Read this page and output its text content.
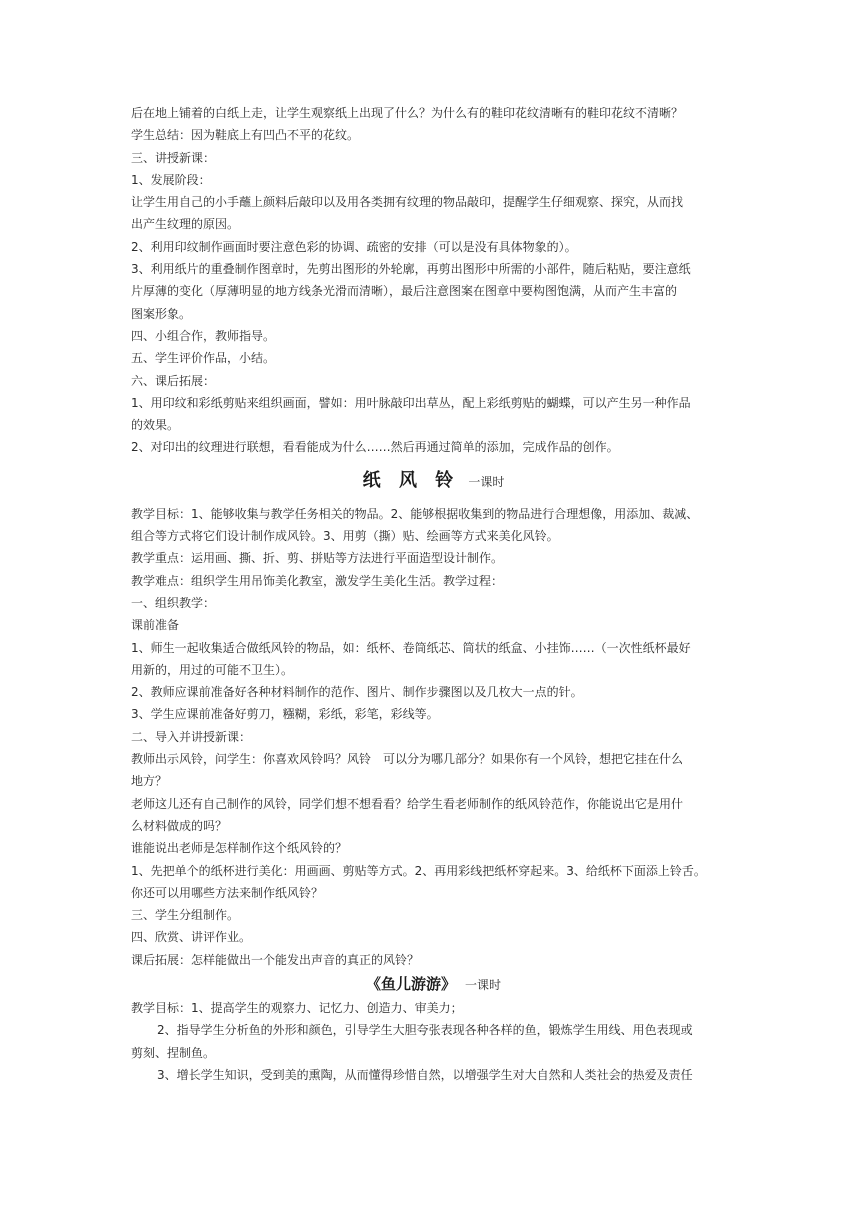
后在地上铺着的白纸上走，让学生观察纸上出现了什么？为什么有的鞋印花纹清晰有的鞋印花纹不清晰？
学生总结：因为鞋底上有凹凸不平的花纹。
三、讲授新课：
1、发展阶段：
让学生用自己的小手蘸上颜料后敲印以及用各类拥有纹理的物品敲印，提醒学生仔细观察、探究，从而找
出产生纹理的原因。
2、利用印纹制作画面时要注意色彩的协调、疏密的安排（可以是没有具体物象的）。
3、利用纸片的重叠制作图章时，先剪出图形的外轮廓，再剪出图形中所需的小部件，随后粘贴，要注意纸
片厚薄的变化（厚薄明显的地方线条光滑而清晰），最后注意图案在图章中要构图饱满，从而产生丰富的
图案形象。
四、小组合作，教师指导。
五、学生评价作品，小结。
六、课后拓展：
1、用印纹和彩纸剪贴来组织画面，譬如：用叶脉敲印出草丛，配上彩纸剪贴的蝴蝶，可以产生另一种作品
的效果。
2、对印出的纹理进行联想，看看能成为什么……然后再通过简单的添加，完成作品的创作。
纸 风 铃 一课时
教学目标：1、能够收集与教学任务相关的物品。2、能够根据收集到的物品进行合理想像，用添加、裁减、
组合等方式将它们设计制作成风铃。3、用剪（撕）贴、绘画等方式来美化风铃。
教学重点：运用画、撕、折、剪、拼贴等方法进行平面造型设计制作。
教学难点：组织学生用吊饰美化教室，激发学生美化生活。教学过程：
一、组织教学：
课前准备
1、师生一起收集适合做纸风铃的物品，如：纸杯、卷筒纸芯、筒状的纸盒、小挂饰……（一次性纸杯最好
用新的，用过的可能不卫生）。
2、教师应课前准备好各种材料制作的范作、图片、制作步骤图以及几枚大一点的针。
3、学生应课前准备好剪刀，糨糊，彩纸，彩笔，彩线等。
二、导入并讲授新课：
教师出示风铃，问学生：你喜欢风铃吗？风铃　可以分为哪几部分？如果你有一个风铃，想把它挂在什么
地方？
老师这儿还有自己制作的风铃，同学们想不想看看？给学生看老师制作的纸风铃范作，你能说出它是用什
么材料做成的吗？
谁能说出老师是怎样制作这个纸风铃的？
1、先把单个的纸杯进行美化：用画画、剪贴等方式。2、再用彩线把纸杯穿起来。3、给纸杯下面添上铃舌。
你还可以用哪些方法来制作纸风铃？
三、学生分组制作。
四、欣赏、讲评作业。
课后拓展：怎样能做出一个能发出声音的真正的风铃？
《鱼儿游游》 一课时
教学目标：1、提高学生的观察力、记忆力、创造力、审美力；
2、指导学生分析鱼的外形和颜色，引导学生大胆夸张表现各种各样的鱼，锻炼学生用线、用色表现或
剪刻、捏制鱼。
3、增长学生知识，受到美的熏陶，从而懂得珍惜自然，以增强学生对大自然和人类社会的热爱及责任
